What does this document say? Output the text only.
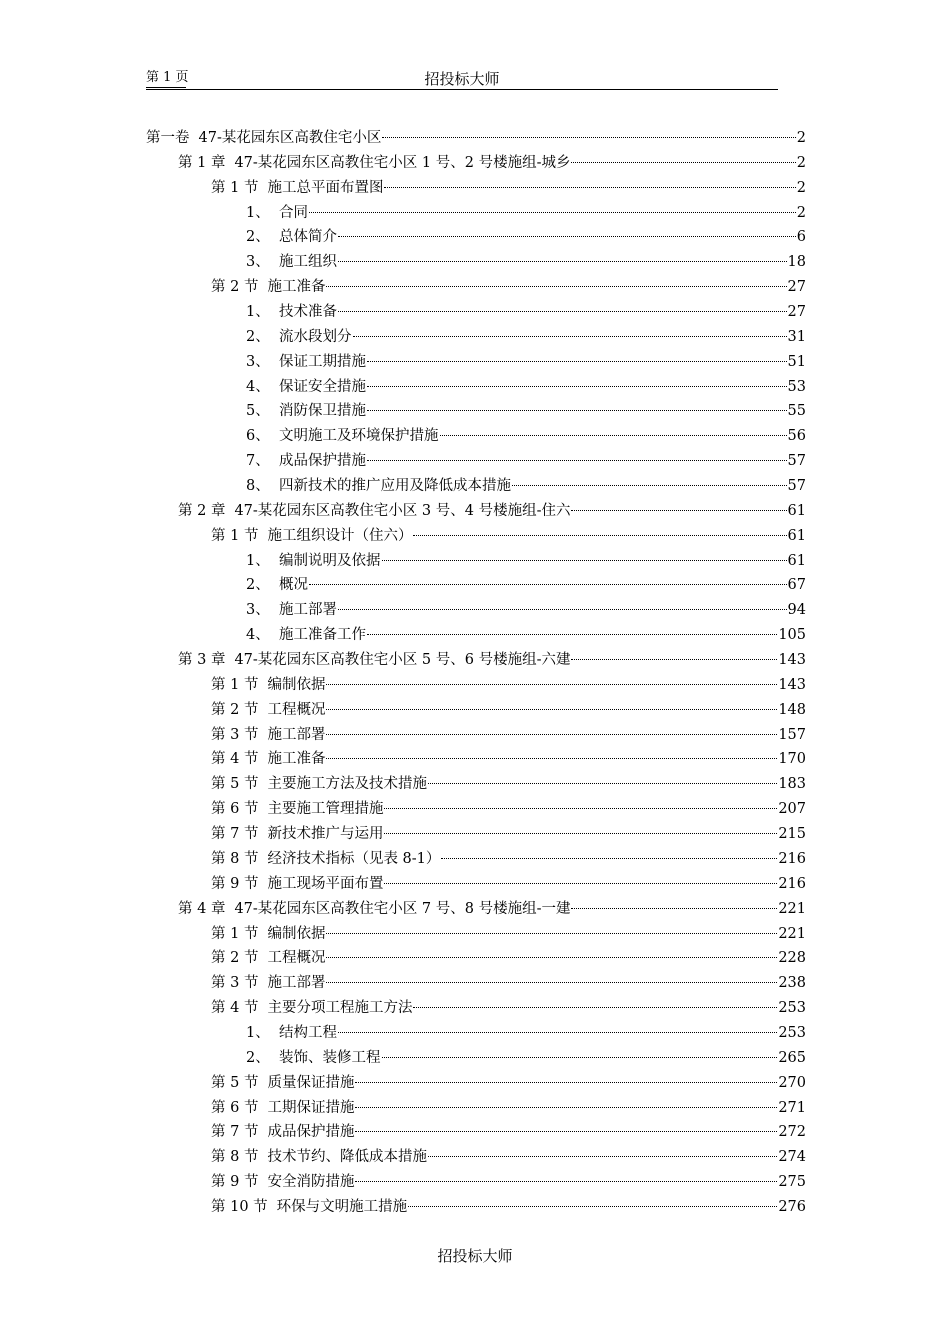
第 1 页	招投标大师
第一卷 47-某花园东区高教住宅小区	2
第 1 章 47-某花园东区高教住宅小区 1 号、2 号楼施组-城乡	2
第 1 节 施工总平面布置图	2
1、 合同	2
2、 总体简介	6
3、 施工组织	18
第 2 节 施工准备	27
1、 技术准备	27
2、 流水段划分	31
3、 保证工期措施	51
4、 保证安全措施	53
5、 消防保卫措施	55
6、 文明施工及环境保护措施	56
7、 成品保护措施	57
8、 四新技术的推广应用及降低成本措施	57
第 2 章 47-某花园东区高教住宅小区 3 号、4 号楼施组-住六	61
第 1 节 施工组织设计（住六）	61
1、 编制说明及依据	61
2、 概况	67
3、 施工部署	94
4、 施工准备工作	105
第 3 章 47-某花园东区高教住宅小区 5 号、6 号楼施组-六建	143
第 1 节 编制依据	143
第 2 节 工程概况	148
第 3 节 施工部署	157
第 4 节 施工准备	170
第 5 节 主要施工方法及技术措施	183
第 6 节 主要施工管理措施	207
第 7 节 新技术推广与运用	215
第 8 节 经济技术指标（见表 8-1）	216
第 9 节 施工现场平面布置	216
第 4 章 47-某花园东区高教住宅小区 7 号、8 号楼施组-一建	221
第 1 节 编制依据	221
第 2 节 工程概况	228
第 3 节 施工部署	238
第 4 节 主要分项工程施工方法	253
1、 结构工程	253
2、 装饰、装修工程	265
第 5 节 质量保证措施	270
第 6 节 工期保证措施	271
第 7 节 成品保护措施	272
第 8 节 技术节约、降低成本措施	274
第 9 节 安全消防措施	275
第 10 节 环保与文明施工措施	276
招投标大师
